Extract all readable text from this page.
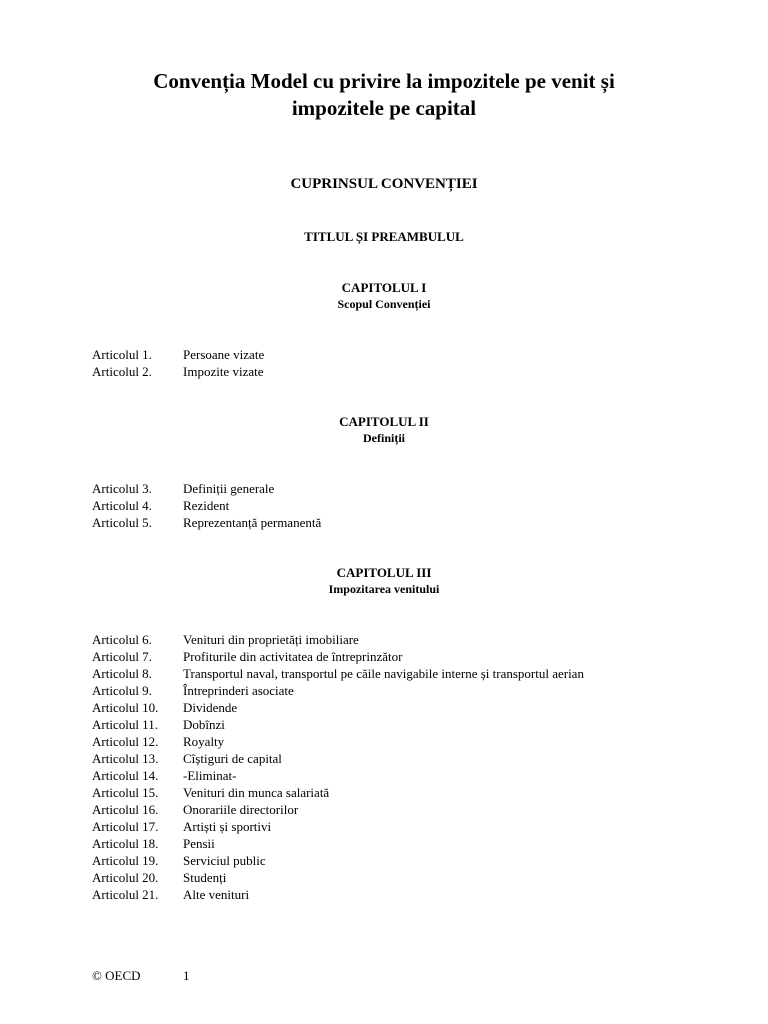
Convenția Model cu privire la impozitele pe venit și
impozitele pe capital
CUPRINSUL CONVENȚIEI
TITLUL ȘI PREAMBULUL
CAPITOLUL I
Scopul Convenției
Articolul 1.	Persoane vizate
Articolul 2.	Impozite vizate
CAPITOLUL II
Definiții
Articolul 3.	Definiții generale
Articolul 4.	Rezident
Articolul 5.	Reprezentanță permanentă
CAPITOLUL III
Impozitarea venitului
Articolul 6.	Venituri din proprietăți imobiliare
Articolul 7.	Profiturile din activitatea de întreprinzător
Articolul 8.	Transportul naval, transportul pe căile navigabile interne și transportul aerian
Articolul 9.	Întreprinderi asociate
Articolul 10.	Dividende
Articolul 11.	Dobînzi
Articolul 12.	Royalty
Articolul 13.	Cîștiguri de capital
Articolul 14.	-Eliminat-
Articolul 15.	Venituri din munca salariată
Articolul 16.	Onorariile directorilor
Articolul 17.	Artiști și sportivi
Articolul 18.	Pensii
Articolul 19.	Serviciul public
Articolul 20.	Studenți
Articolul 21.	Alte venituri
© OECD	1
